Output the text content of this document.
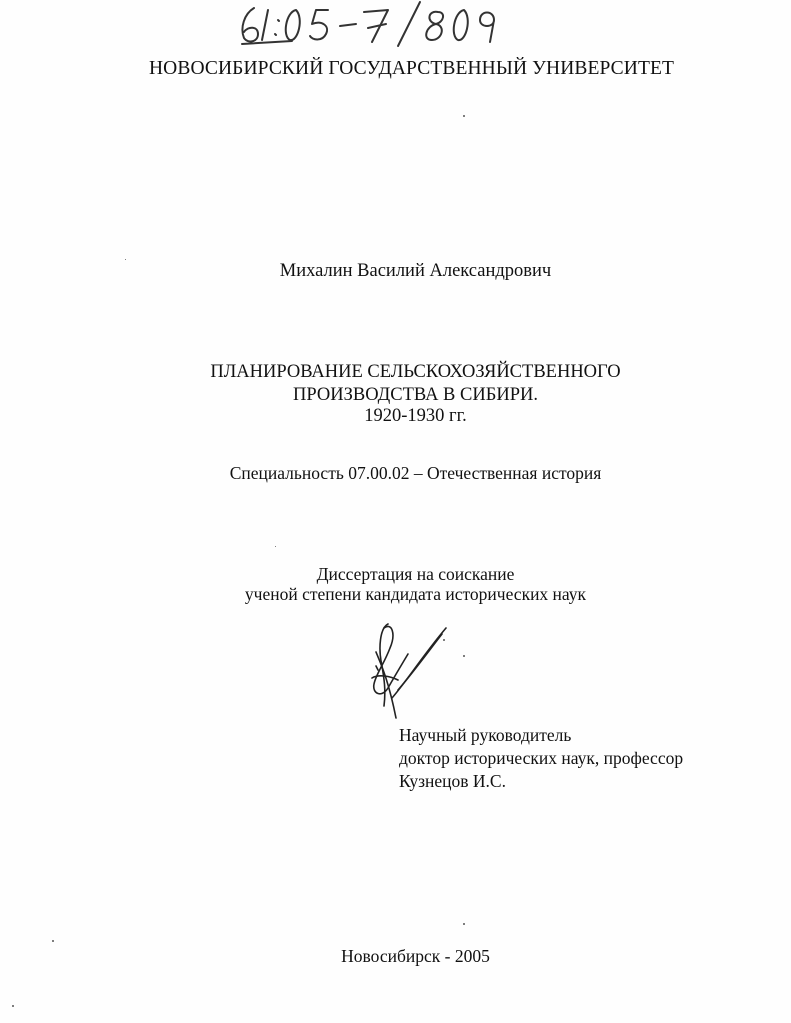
НОВОСИБИРСКИЙ ГОСУДАРСТВЕННЫЙ УНИВЕРСИТЕТ
Михалин Василий Александрович
ПЛАНИРОВАНИЕ СЕЛЬСКОХОЗЯЙСТВЕННОГО
ПРОИЗВОДСТВА В СИБИРИ.
1920-1930 гг.
Специальность 07.00.02 – Отечественная история
Диссертация на соискание
ученой степени кандидата исторических наук
Научный руководитель
доктор исторических наук, профессор
Кузнецов И.С.
Новосибирск - 2005
